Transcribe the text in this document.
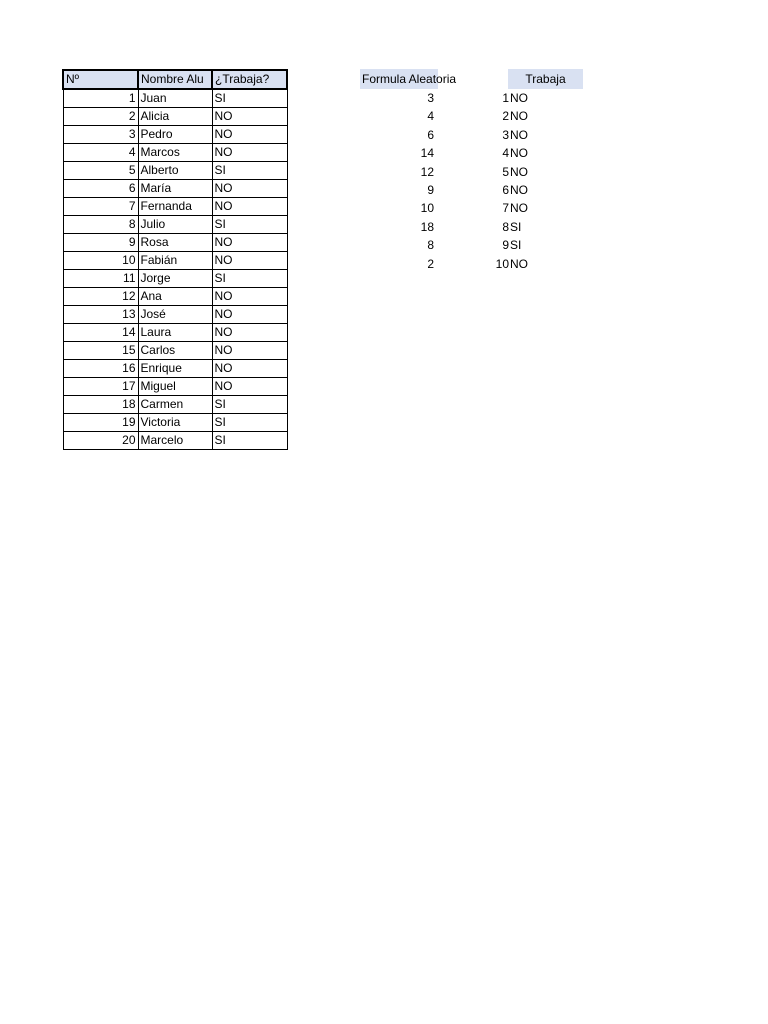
Nº	Nombre Alu	¿Trabaja?
1	Juan	SI
2	Alicia	NO
3	Pedro	NO
4	Marcos	NO
5	Alberto	SI
6	María	NO
7	Fernanda	NO
8	Julio	SI
9	Rosa	NO
10	Fabián	NO
11	Jorge	SI
12	Ana	NO
13	José	NO
14	Laura	NO
15	Carlos	NO
16	Enrique	NO
17	Miguel	NO
18	Carmen	SI
19	Victoria	SI
20	Marcelo	SI
Formula Aleatoria	Trabaja
3	1 NO
4	2 NO
6	3 NO
14	4 NO
12	5 NO
9	6 NO
10	7 NO
18	8 SI
8	9 SI
2	10 NO
